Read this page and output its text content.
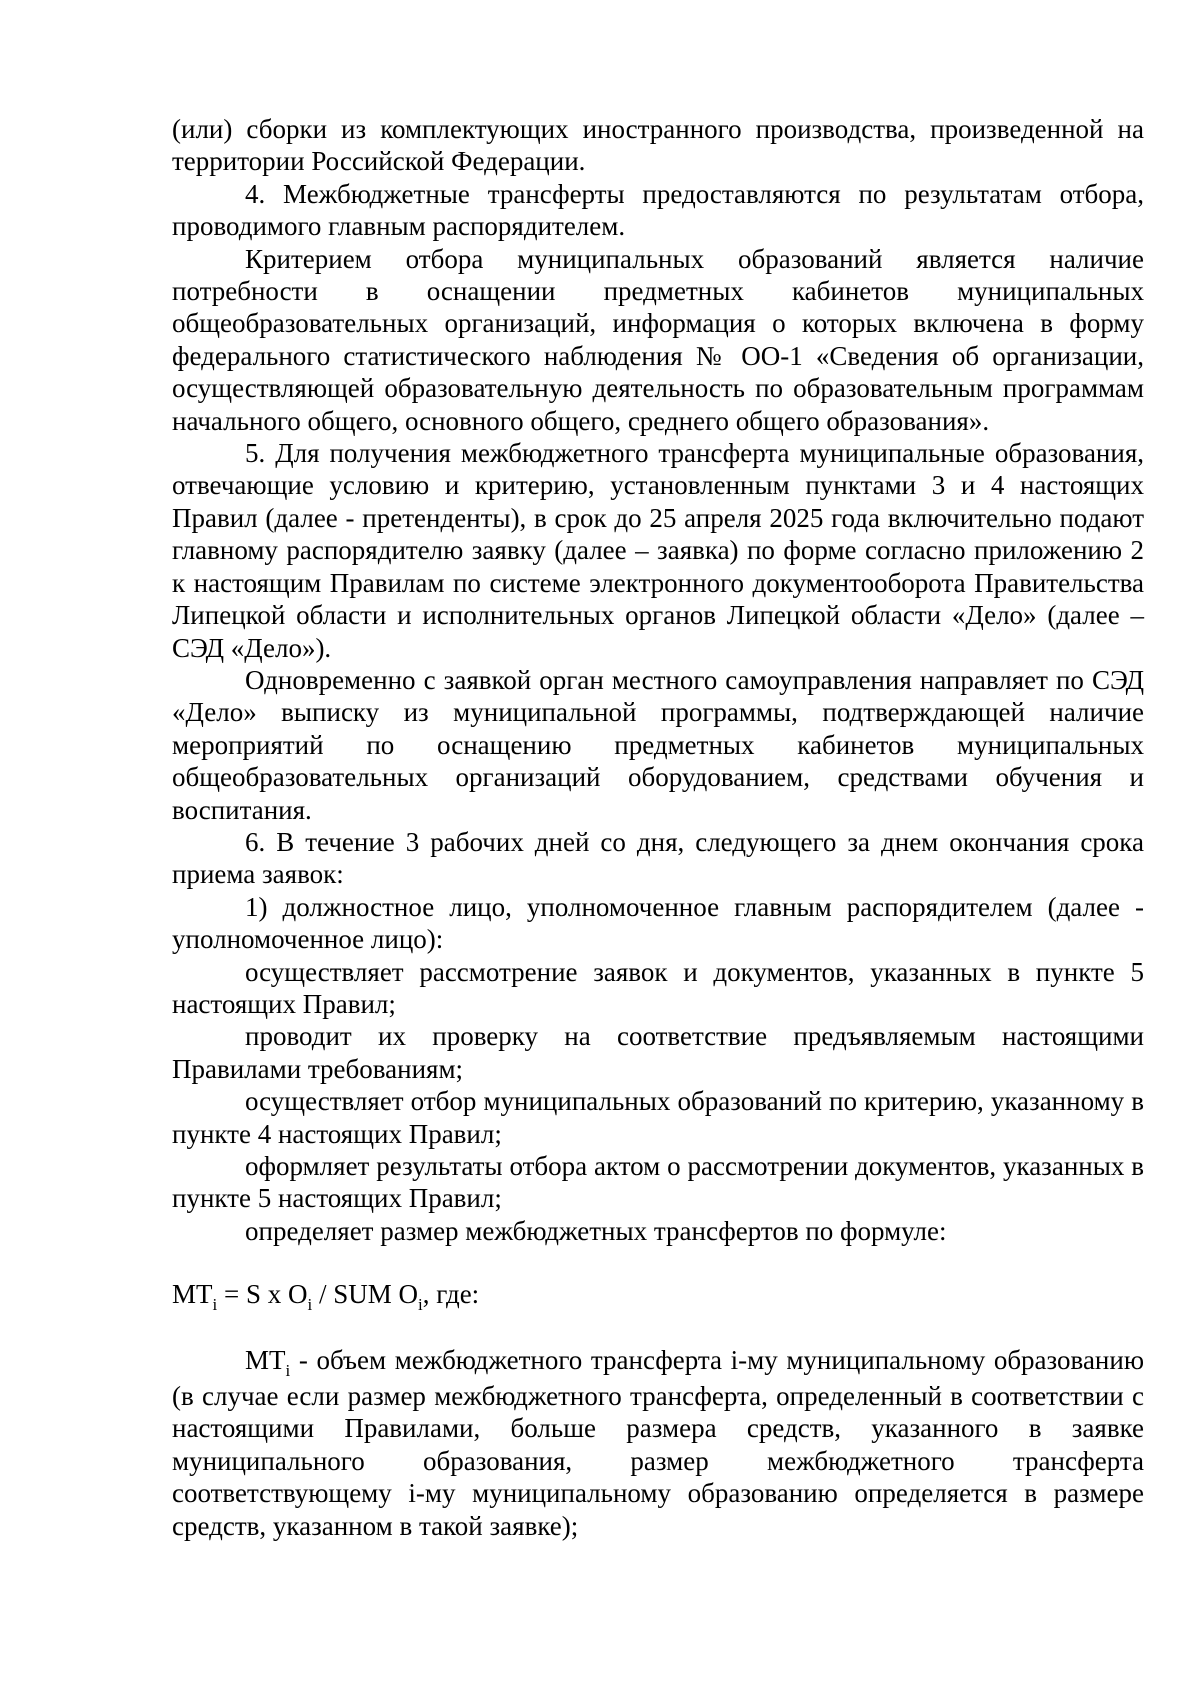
(или) сборки из комплектующих иностранного производства, произведенной на территории Российской Федерации.

4. Межбюджетные трансферты предоставляются по результатам отбора, проводимого главным распорядителем.

Критерием отбора муниципальных образований является наличие потребности в оснащении предметных кабинетов муниципальных общеобразовательных организаций, информация о которых включена в форму федерального статистического наблюдения № ОО-1 «Сведения об организации, осуществляющей образовательную деятельность по образовательным программам начального общего, основного общего, среднего общего образования».

5. Для получения межбюджетного трансферта муниципальные образования, отвечающие условию и критерию, установленным пунктами 3 и 4 настоящих Правил (далее - претенденты), в срок до 25 апреля 2025 года включительно подают главному распорядителю заявку (далее – заявка) по форме согласно приложению 2 к настоящим Правилам по системе электронного документооборота Правительства Липецкой области и исполнительных органов Липецкой области «Дело» (далее – СЭД «Дело»).

Одновременно с заявкой орган местного самоуправления направляет по СЭД «Дело» выписку из муниципальной программы, подтверждающей наличие мероприятий по оснащению предметных кабинетов муниципальных общеобразовательных организаций оборудованием, средствами обучения и воспитания.

6. В течение 3 рабочих дней со дня, следующего за днем окончания срока приема заявок:

1) должностное лицо, уполномоченное главным распорядителем (далее - уполномоченное лицо):

осуществляет рассмотрение заявок и документов, указанных в пункте 5 настоящих Правил;

проводит их проверку на соответствие предъявляемым настоящими Правилами требованиям;

осуществляет отбор муниципальных образований по критерию, указанному в пункте 4 настоящих Правил;

оформляет результаты отбора актом о рассмотрении документов, указанных в пункте 5 настоящих Правил;

определяет размер межбюджетных трансфертов по формуле:

$MT_i = S$ x $O_i$ / SUM $O_i$, где:

$MT_i$ - объем межбюджетного трансферта i-му муниципальному образованию (в случае если размер межбюджетного трансферта, определенный в соответствии с настоящими Правилами, больше размера средств, указанного в заявке муниципального образования, размер межбюджетного трансферта соответствующему i-му муниципальному образованию определяется в размере средств, указанном в такой заявке);
